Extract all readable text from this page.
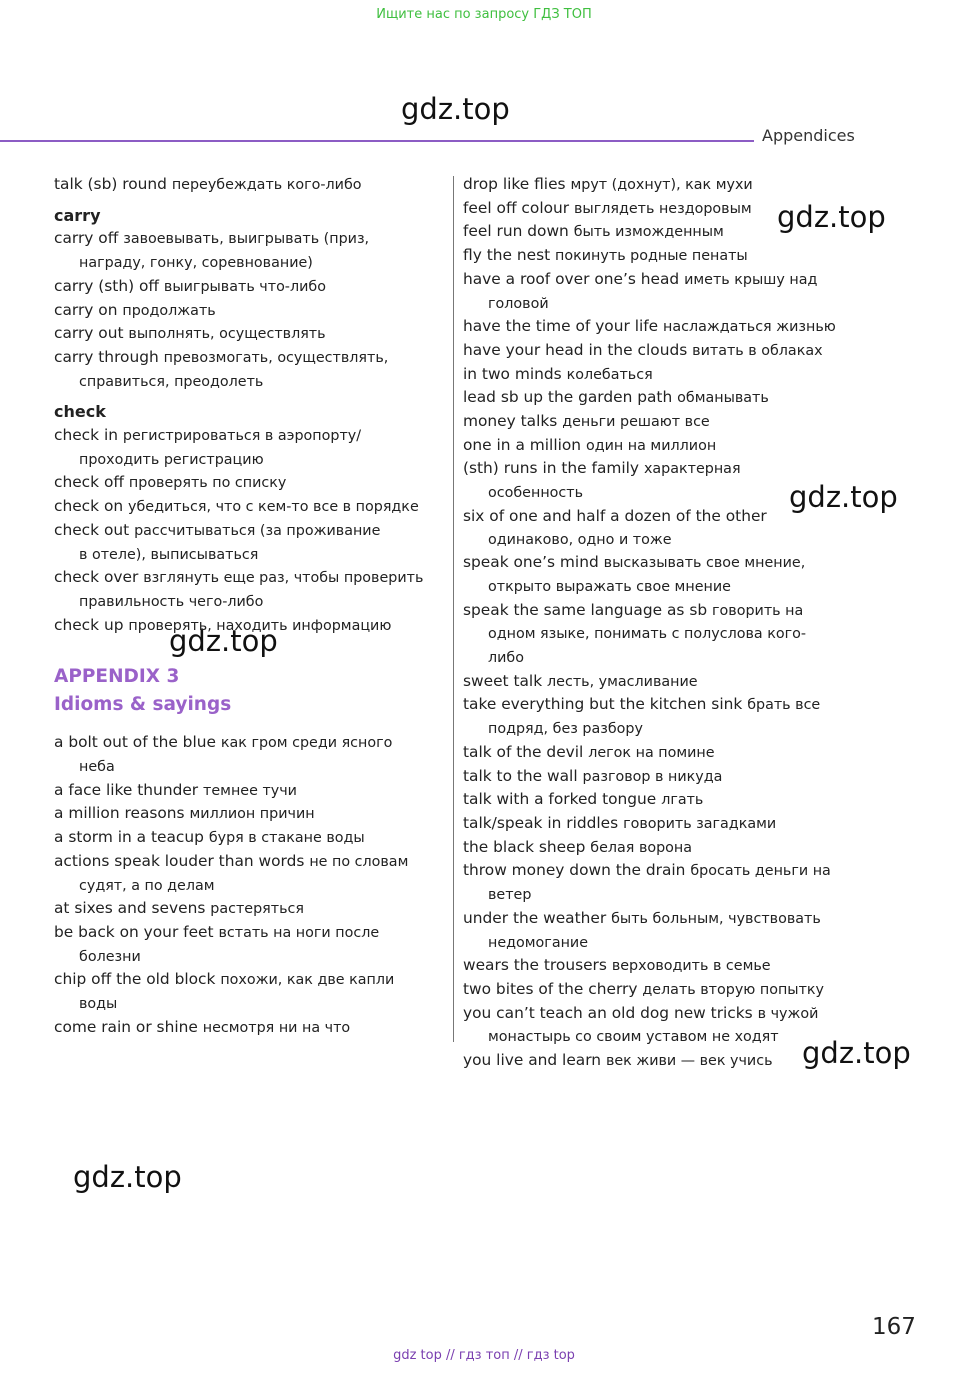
Ищите нас по запросу ГДЗ ТОП
gdz.top
gdz.top
gdz.top
gdz.top
gdz.top
gdz.top
Appendices
talk (sb) round переубеждать кого-либо
carry
carry off завоевывать, выигрывать (приз,
награду, гонку, соревнование)
carry (sth) off выигрывать что-либо
carry on продолжать
carry out выполнять, осуществлять
carry through превозмогать, осуществлять,
справиться, преодолеть
check
check in регистрироваться в аэропорту/
проходить регистрацию
check off проверять по списку
check on убедиться, что с кем-то все в порядке
check out рассчитываться (за проживание
в отеле), выписываться
check over взглянуть еще раз, чтобы проверить
правильность чего-либо
check up проверять, находить информацию
APPENDIX 3
Idioms & sayings
a bolt out of the blue как гром среди ясного
неба
a face like thunder темнее тучи
a million reasons миллион причин
a storm in a teacup буря в стакане воды
actions speak louder than words не по словам
судят, а по делам
at sixes and sevens растеряться
be back on your feet встать на ноги после
болезни
chip off the old block похожи, как две капли
воды
come rain or shine несмотря ни на что
drop like flies мрут (дохнут), как мухи
feel off colour выглядеть нездоровым
feel run down быть изможденным
fly the nest покинуть родные пенаты
have a roof over one’s head иметь крышу над
головой
have the time of your life наслаждаться жизнью
have your head in the clouds витать в облаках
in two minds колебаться
lead sb up the garden path обманывать
money talks деньги решают все
one in a million один на миллион
(sth) runs in the family характерная
особенность
six of one and half a dozen of the other
одинаково, одно и тоже
speak one’s mind высказывать свое мнение,
открыто выражать свое мнение
speak the same language as sb говорить на
одном языке, понимать с полуслова кого-
либо
sweet talk лесть, умасливание
take everything but the kitchen sink брать все
подряд, без разбору
talk of the devil легок на помине
talk to the wall разговор в никуда
talk with a forked tongue лгать
talk/speak in riddles говорить загадками
the black sheep белая ворона
throw money down the drain бросать деньги на
ветер
under the weather быть больным, чувствовать
недомогание
wears the trousers верховодить в семье
two bites of the cherry делать вторую попытку
you can’t teach an old dog new tricks в чужой
монастырь со своим уставом не ходят
you live and learn век живи — век учись
167
gdz top // гдз топ // гдз top
